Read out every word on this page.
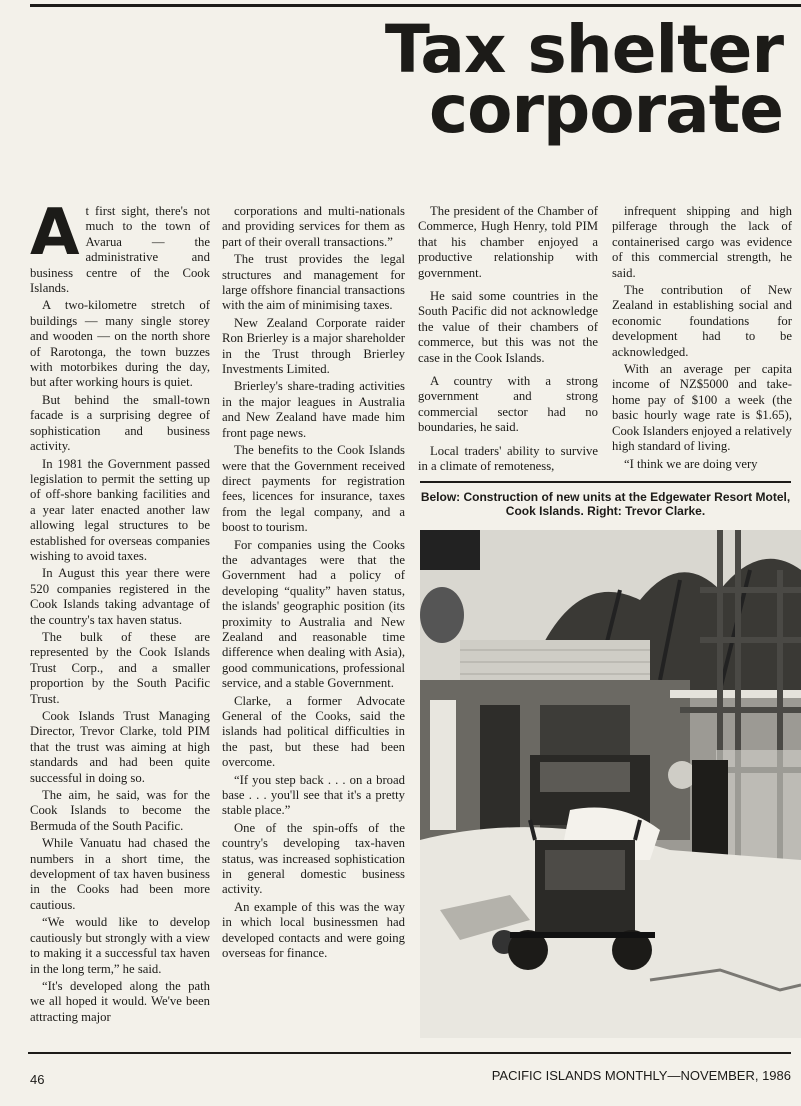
Tax shelter
corporate
A t first sight, there's not much to the town of Avarua — the administrative and business centre of the Cook Islands.

A two-kilometre stretch of buildings — many single storey and wooden — on the north shore of Rarotonga, the town buzzes with motorbikes during the day, but after working hours is quiet.

But behind the small-town facade is a surprising degree of sophistication and business activity.

In 1981 the Government passed legislation to permit the setting up of off-shore banking facilities and a year later enacted another law allowing legal structures to be established for overseas companies wishing to avoid taxes.

In August this year there were 520 companies registered in the Cook Islands taking advantage of the country's tax haven status.

The bulk of these are represented by the Cook Islands Trust Corp., and a smaller proportion by the South Pacific Trust.

Cook Islands Trust Managing Director, Trevor Clarke, told PIM that the trust was aiming at high standards and had been quite successful in doing so.

The aim, he said, was for the Cook Islands to become the Bermuda of the South Pacific.

While Vanuatu had chased the numbers in a short time, the development of tax haven business in the Cooks had been more cautious.

“We would like to develop cautiously but strongly with a view to making it a successful tax haven in the long term,” he said.

“It's developed along the path we all hoped it would. We've been attracting major

corporations and multi-nationals and providing services for them as part of their overall transactions.”

The trust provides the legal structures and management for large offshore financial transactions with the aim of minimising taxes.

New Zealand Corporate raider Ron Brierley is a major shareholder in the Trust through Brierley Investments Limited.

Brierley's share-trading activities in the major leagues in Australia and New Zealand have made him front page news.

The benefits to the Cook Islands were that the Government received direct payments for registration fees, licences for insurance, taxes from the legal company, and a boost to tourism.

For companies using the Cooks the advantages were that the Government had a policy of developing “quality” haven status, the islands' geographic position (its proximity to Australia and New Zealand and reasonable time difference when dealing with Asia), good communications, professional service, and a stable Government.

Clarke, a former Advocate General of the Cooks, said the islands had political difficulties in the past, but these had been overcome.

“If you step back . . . on a broad base . . . you'll see that it's a pretty stable place.”

One of the spin-offs of the country's developing tax-haven status, was increased sophistication in general domestic business activity.

An example of this was the way in which local businessmen had developed contacts and were going overseas for finance.

The president of the Chamber of Commerce, Hugh Henry, told PIM that his chamber enjoyed a productive relationship with government.

He said some countries in the South Pacific did not acknowledge the value of their chambers of commerce, but this was not the case in the Cook Islands.

A country with a strong government and strong commercial sector had no boundaries, he said.

Local traders' ability to survive in a climate of remoteness,

infrequent shipping and high pilferage through the lack of containerised cargo was evidence of this commercial strength, he said.

The contribution of New Zealand in establishing social and economic foundations for development had to be acknowledged.

With an average per capita income of NZ$5000 and take-home pay of $100 a week (the basic hourly wage rate is $1.65), Cook Islanders enjoyed a relatively high standard of living.

“I think we are doing very

Below: Construction of new units at the Edgewater Resort Motel, Cook Islands. Right: Trevor Clarke.

46	PACIFIC ISLANDS MONTHLY—NOVEMBER, 1986
